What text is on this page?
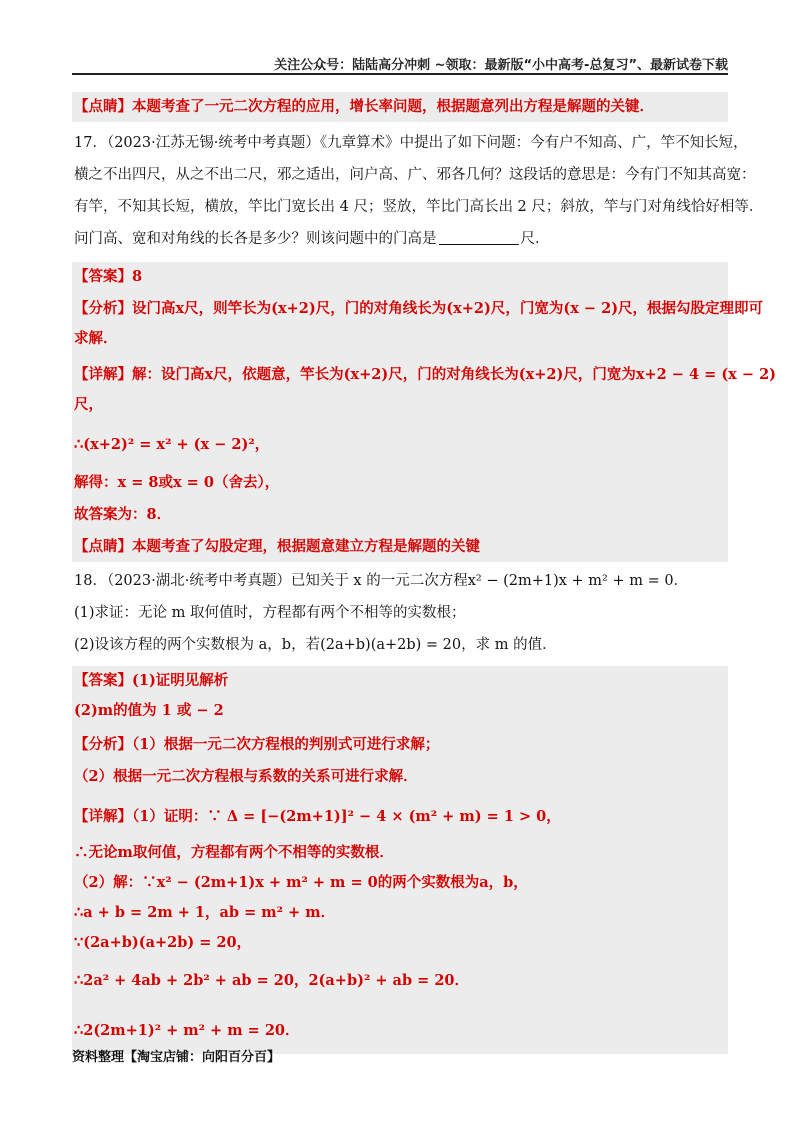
关注公众号：陆陆高分冲刺 ~领取：最新版“小中高考-总复习”、最新试卷下载
【点睛】本题考查了一元二次方程的应用，增长率问题，根据题意列出方程是解题的关键．

17．（2023·江苏无锡·统考中考真题）《九章算术》中提出了如下问题：今有户不知高、广，竿不知长短，

横之不出四尺，从之不出二尺，邪之适出，问户高、广、邪各几何？这段话的意思是：今有门不知其高宽：

有竿，不知其长短，横放，竿比门宽长出 4 尺；竖放，竿比门高长出 2 尺；斜放，竿与门对角线恰好相等．

问门高、宽和对角线的长各是多少？则该问题中的门高是	尺．

【答案】8

【分析】设门高x尺，则竿长为(x+2)尺，门的对角线长为(x+2)尺，门宽为(x − 2)尺，根据勾股定理即可

求解．

【详解】解：设门高x尺，依题意，竿长为(x+2)尺，门的对角线长为(x+2)尺，门宽为x+2 − 4 = (x − 2)

尺，

∴(x+2)² = x² + (x − 2)²，

解得：x = 8或x = 0（舍去），

故答案为：8．

【点睛】本题考查了勾股定理，根据题意建立方程是解题的关键

18．（2023·湖北·统考中考真题）已知关于 x 的一元二次方程x² − (2m+1)x + m² + m = 0．

(1)求证：无论 m 取何值时，方程都有两个不相等的实数根；

(2)设该方程的两个实数根为 a，b，若(2a+b)(a+2b) = 20，求 m 的值．

【答案】(1)证明见解析

(2)m的值为 1 或 − 2

【分析】（1）根据一元二次方程根的判别式可进行求解；

（2）根据一元二次方程根与系数的关系可进行求解．

【详解】（1）证明：∵ Δ = [−(2m+1)]² − 4 × (m² + m) = 1 > 0，

∴无论m取何值，方程都有两个不相等的实数根．

（2）解：∵x² − (2m+1)x + m² + m = 0的两个实数根为a，b，

∴a + b = 2m + 1，ab = m² + m．

∵(2a+b)(a+2b) = 20，

∴2a² + 4ab + 2b² + ab = 20，2(a+b)² + ab = 20．

∴2(2m+1)² + m² + m = 20．

资料整理【淘宝店铺：向阳百分百】
